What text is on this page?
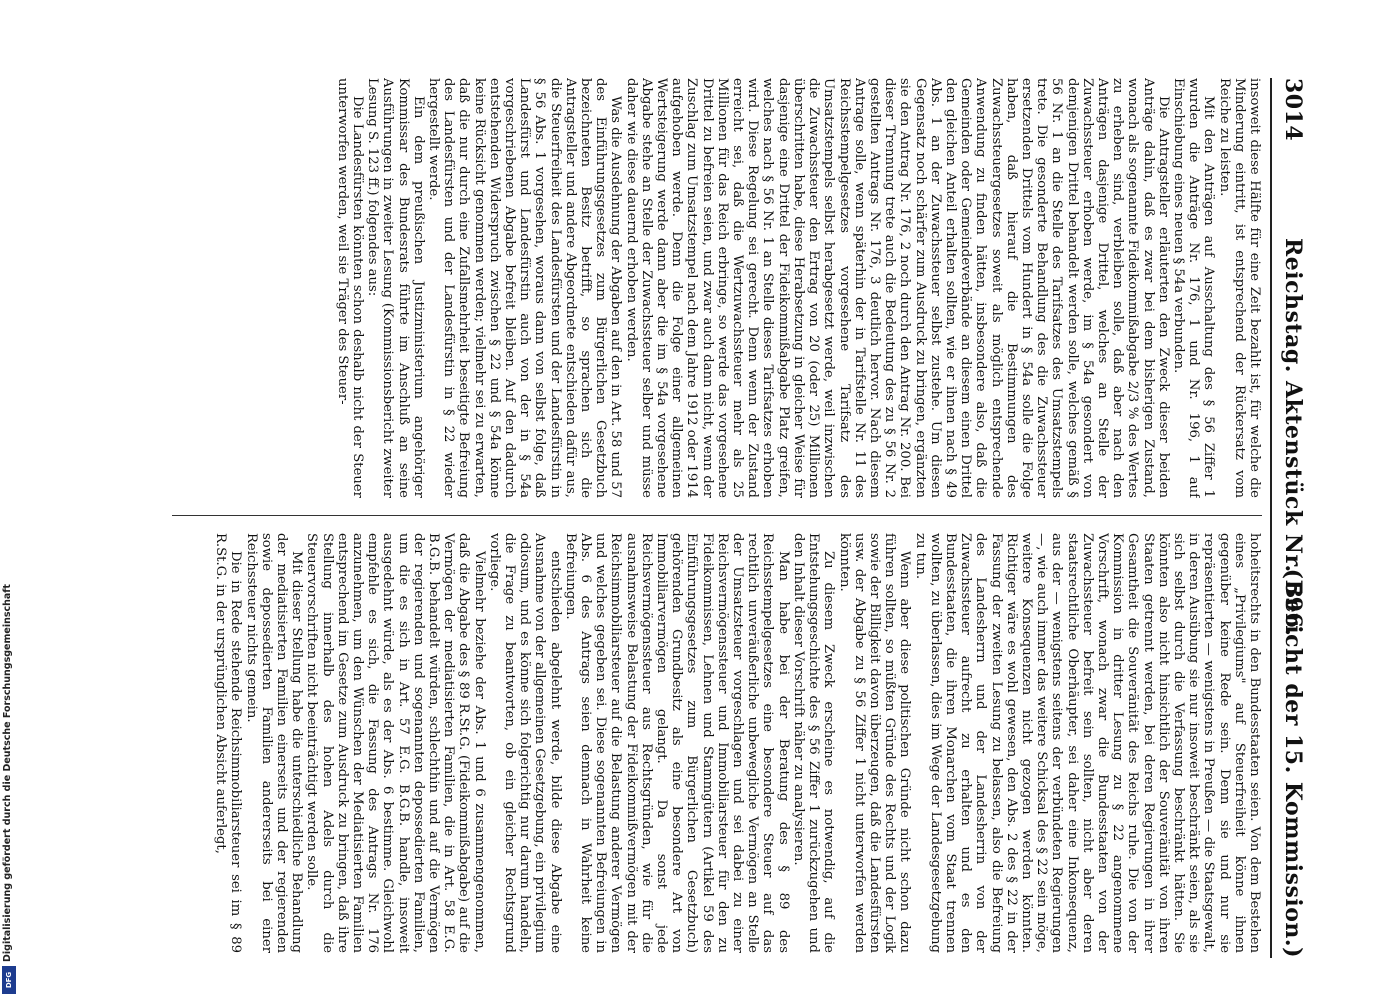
Digitalisierung gefördert durch die Deutsche Forschungsgemeinschaft
DFG
3014
Reichstag. Aktenstück Nr. 596.
(Bericht der 15. Kommission.)

insoweit diese Hälfte für eine Zeit bezahlt ist, für welche die Minderung eintritt, ist entsprechend der Rückersatz vom Reiche zu leisten.

Mit den Anträgen auf Ausschaltung des § 56 Ziffer 1 wurden die Anträge Nr. 176, 1 und Nr. 196, 1 auf Einschiebung eines neuen § 54a verbunden.

Die Antragsteller erläuterten den Zweck dieser beiden Anträge dahin, daß es zwar bei dem bisherigen Zustand, wonach als sogenannte Fideikommißabgabe 2/3 % des Wertes zu erheben sind, verbleiben solle, daß aber nach den Anträgen dasjenige Drittel, welches an Stelle der Zuwachssteuer erhoben werde, im § 54a gesondert von demjenigen Drittel behandelt werden solle, welches gemäß § 56 Nr. 1 an die Stelle des Tarifsatzes des Umsatzstempels trete. Die gesonderte Behandlung des die Zuwachssteuer ersetzenden Drittels vom Hundert in § 54a solle die Folge haben, daß hierauf die Bestimmungen des Zuwachssteuergesetzes soweit als möglich entsprechende Anwendung zu finden hätten, insbesondere also, daß die Gemeinden oder Gemeindeverbände an diesem einen Drittel den gleichen Anteil erhalten sollten, wie er ihnen nach § 49 Abs. 1 an der Zuwachssteuer selbst zustehe. Um diesen Gegensatz noch schärfer zum Ausdruck zu bringen, ergänzten sie den Antrag Nr. 176, 2 noch durch den Antrag Nr. 200. Bei dieser Trennung trete auch die Bedeutung des zu § 56 Nr. 2 gestellten Antrags Nr. 176, 3 deutlich hervor. Nach diesem Antrage solle, wenn späterhin der in Tarifstelle Nr. 11 des Reichsstempelgesetzes vorgesehene Tarifsatz des Umsatzstempels selbst herabgesetzt werde, weil inzwischen die Zuwachssteuer den Ertrag von 20 (oder 25) Millionen überschritten habe, diese Herabsetzung in gleicher Weise für dasjenige eine Drittel der Fideikommißabgabe Platz greifen, welches nach § 56 Nr. 1 an Stelle dieses Tarifsatzes erhoben wird. Diese Regelung sei gerecht. Denn wenn der Zustand erreicht sei, daß die Wertzuwachssteuer mehr als 25 Millionen für das Reich erbringe, so werde das vorgesehene Drittel zu befreien seien, und zwar auch dann nicht, wenn der Zuschlag zum Umsatzstempel nach dem Jahre 1912 oder 1914 aufgehoben werde. Denn die Folge einer allgemeinen Wertsteigerung werde dann aber die im § 54a vorgesehene Abgabe stehe an Stelle der Zuwachssteuer selber und müsse daher wie diese dauernd erhoben werden.

Was die Ausdehnung der Abgaben auf den in Art. 58 und 57 des Einführungsgesetzes zum Bürgerlichen Gesetzbuch bezeichneten Besitz betrifft, so sprachen sich die Antragsteller und andere Abgeordnete entschieden dafür aus, die Steuerfreiheit des Landesfürsten und der Landesfürstin in § 56 Abs. 1 vorgesehen, woraus dann von selbst folge, daß Landesfürst und Landesfürstin auch von der in § 54a vorgeschriebenen Abgabe befreit bleiben. Auf den dadurch entstehenden Widerspruch zwischen § 22 und § 54a könne keine Rücksicht genommen werden; vielmehr sei zu erwarten, daß die nur durch eine Zufallsmehrheit beseitigte Befreiung des Landesfürsten und der Landesfürstin in § 22 wieder hergestellt werde.

Ein dem preußischen Justizministerium angehöriger Kommissar des Bundesrats führte im Anschluß an seine Ausführungen in zweiter Lesung (Kommissionsbericht zweiter Lesung S. 123 ff.) folgendes aus:

Die Landesfürsten könnten schon deshalb nicht der Steuer unterworfen werden, weil sie Träger des Steuer-

hoheitsrechts in den Bundesstaaten seien. Von dem Bestehen eines „Privilegiums" auf Steuerfreiheit könne ihnen gegenüber keine Rede sein. Denn sie und nur sie repräsentierten — wenigstens in Preußen — die Staatsgewalt, in deren Ausübung sie nur insoweit beschränkt seien, als sie sich selbst durch die Verfassung beschränkt hätten. Sie könnten also nicht hinsichtlich der Souveränität von ihren Staaten getrennt werden, bei deren Regierungen in ihrer Gesamtheit die Souveränität des Reichs ruhe. Die von der Kommission in dritter Lesung zu § 22 angenommene Vorschrift, wonach zwar die Bundesstaaten von der Zuwachssteuer befreit sein sollten, nicht aber deren staatsrechtliche Oberhäupter, sei daher eine Inkonsequenz, aus der — wenigstens seitens der verbündeten Regierungen —, wie auch immer das weitere Schicksal des § 22 sein möge, weitere Konsequenzen nicht gezogen werden könnten. Richtiger wäre es wohl gewesen, den Abs. 2 des § 22 in der Fassung der zweiten Lesung zu belassen, also die Befreiung des Landesherrn und der Landesherrin von der Zuwachssteuer aufrecht zu erhalten und es den Bundesstaaten, die ihren Monarchen vom Staat trennen wollten, zu überlassen, dies im Wege der Landesgesetzgebung zu tun.

Wenn aber diese politischen Gründe nicht schon dazu führen sollten, so müßten Gründe des Rechts und der Logik sowie der Billigkeit davon überzeugen, daß die Landesfürsten usw. der Abgabe zu § 56 Ziffer 1 nicht unterworfen werden könnten.

Zu diesem Zweck erscheine es notwendig, auf die Entstehungsgeschichte des § 56 Ziffer 1 zurückzugehen und den Inhalt dieser Vorschrift näher zu analysieren.

Man habe bei der Beratung des § 89 des Reichsstempelgesetzes eine besondere Steuer auf das rechtlich unveräußerliche unbewegliche Vermögen an Stelle der Umsatzsteuer vorgeschlagen und sei dabei zu einer Reichsvermögenssteuer und Immobiliarsteuer für den zu Fideikommissen, Lehnen und Stammgütern (Artikel 59 des Einführungsgesetzes zum Bürgerlichen Gesetzbuch) gehörenden Grundbesitz als eine besondere Art von Immobiliarvermögen gelangt. Da sonst jede Reichsvermögenssteuer aus Rechtsgründen, wie für die ausnahmsweise Belastung der Fideikommißvermögen mit der Reichsimmobiliarsteuer auf die Belastung anderer Vermögen und welches gegeben sei. Diese sogenannten Befreiungen in Abs. 6 des Antrags seien demnach in Wahrheit keine Befreiungen.

entschieden abgelehnt werde, bilde diese Abgabe eine Ausnahme von der allgemeinen Gesetzgebung, ein privilegium odiosum, und es könne sich folgerichtig nur darum handeln, die Frage zu beantworten, ob ein gleicher Rechtsgrund vorliege.

Vielmehr beziehe der Abs. 1 und 6 zusammengenommen, daß die Abgabe des § 89 R.St.G. (Fideikommißabgabe) auf die Vermögen der mediatisierten Familien, die in Art. 58 E.G. B.G.B. behandelt würden, schlechthin und auf die Vermögen der regierenden und sogenannten depossedierten Familien, um die es sich in Art. 57 E.G. B.G.B. handle, insoweit ausgedehnt würde, als es der Abs. 6 bestimme. Gleichwohl empfehle es sich, die Fassung des Antrags Nr. 176 anzunehmen, um den Wünschen der Mediatisierten Familien entsprechend im Gesetze zum Ausdruck zu bringen, daß ihre Stellung innerhalb des hohen Adels durch die Steuervorschriften nicht beeinträchtigt werden solle.

Mit dieser Stellung habe die unterschiedliche Behandlung der mediatisierten Familien einerseits und der regierenden sowie depossedierten Familien andererseits bei einer Reichssteuer nichts gemein.

Die in Rede stehende Reichsimmobiliarsteuer sei im § 89 R.St.G. in der ursprünglichen Absicht auferlegt,
